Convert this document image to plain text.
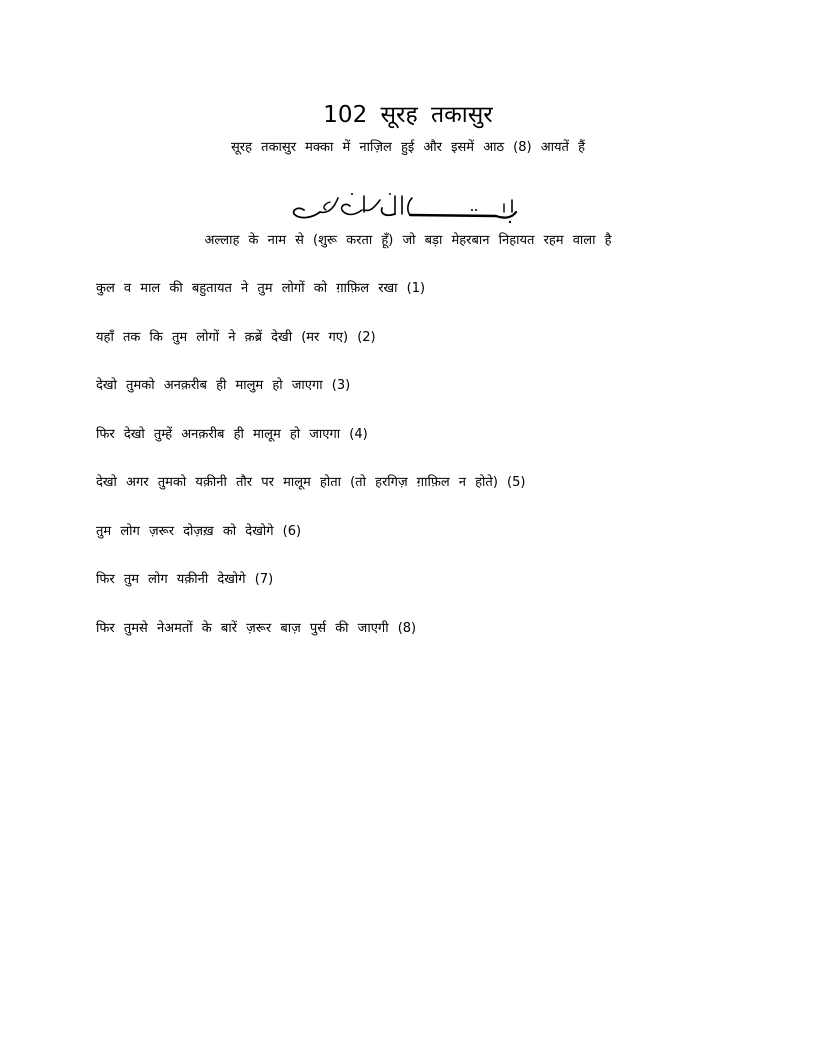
102 सूरह तकासुर
सूरह तकासुर मक्का में नाज़िल हुई और इसमें आठ (8) आयतें हैं
अल्लाह के नाम से (शुरू करता हूँ) जो बड़ा मेहरबान निहायत रहम वाला है
कुल व माल की बहुतायत ने तुम लोगों को ग़ाफ़िल रखा (1)
यहाँ तक कि तुम लोगों ने क़ब्रें देखी (मर गए) (2)
देखो तुमको अनक़रीब ही मालुम हो जाएगा (3)
फिर देखो तुम्हें अनक़रीब ही मालूम हो जाएगा (4)
देखो अगर तुमको यक़ीनी तौर पर मालूम होता (तो हरगिज़ ग़ाफ़िल न होते) (5)
तुम लोग ज़रूर दोज़ख़ को देखोगे (6)
फिर तुम लोग यक़ीनी देखोगे (7)
फिर तुमसे नेअमतों के बारें ज़रूर बाज़ पुर्स की जाएगी (8)
